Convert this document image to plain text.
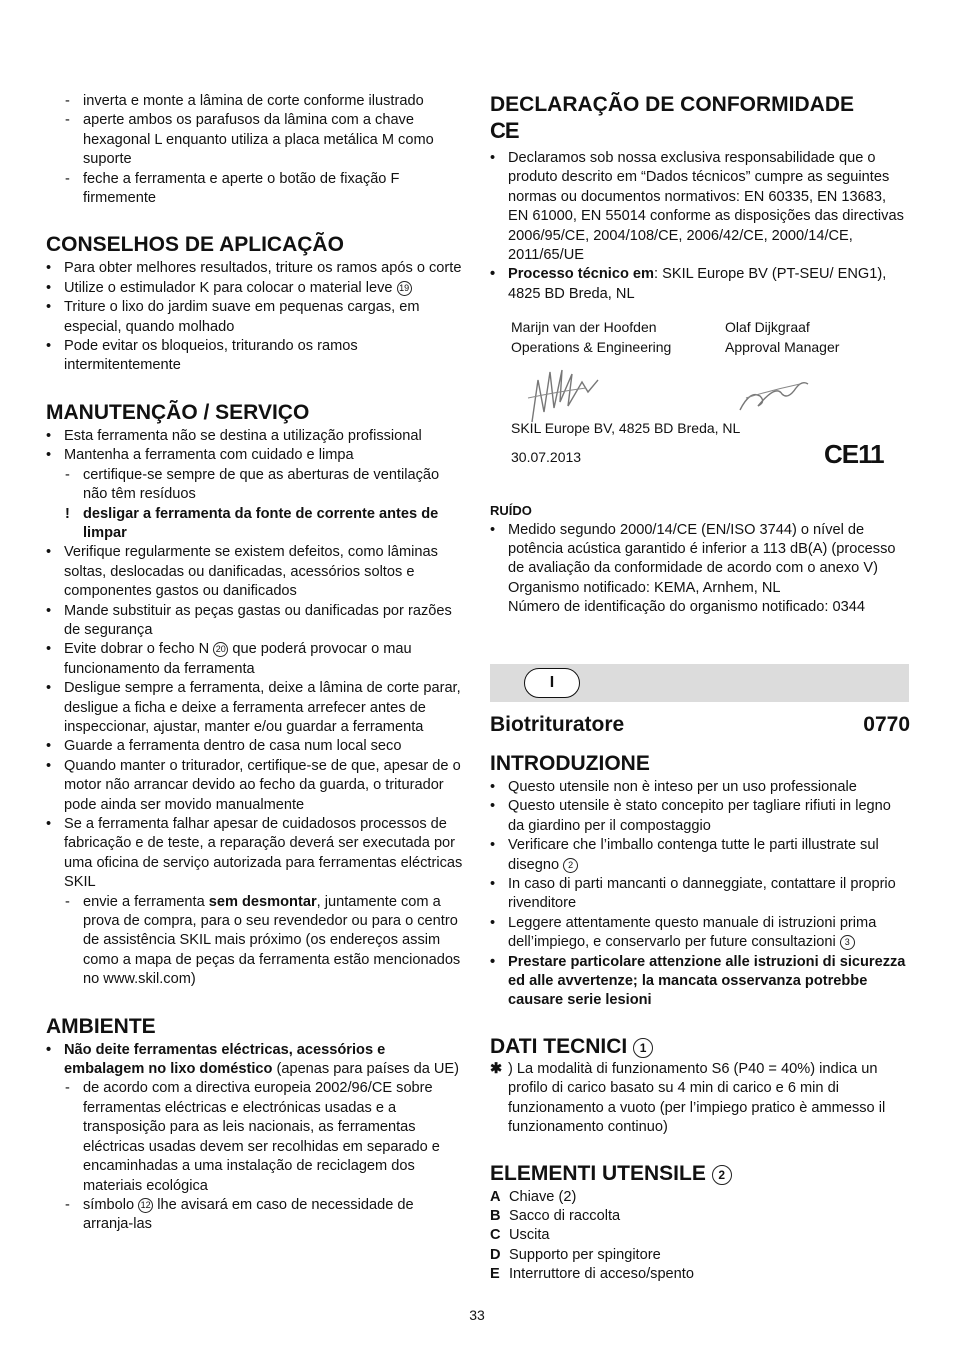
- inverta e monte a lâmina de corte conforme ilustrado
- aperte ambos os parafusos da lâmina com a chave hexagonal L enquanto utiliza a placa metálica M como suporte
- feche a ferramenta e aperte o botão de fixação F firmemente
CONSELHOS DE APLICAÇÃO
• Para obter melhores resultados, triture os ramos após o corte
• Utilize o estimulador K para colocar o material leve 19
• Triture o lixo do jardim suave em pequenas cargas, em especial, quando molhado
• Pode evitar os bloqueios, triturando os ramos intermitentemente
MANUTENÇÃO / SERVIÇO
• Esta ferramenta não se destina a utilização profissional
• Mantenha a ferramenta com cuidado e limpa
- certifique-se sempre de que as aberturas de ventilação não têm resíduos
! desligar a ferramenta da fonte de corrente antes de limpar
• Verifique regularmente se existem defeitos, como lâminas soltas, deslocadas ou danificadas, acessórios soltos e componentes gastos ou danificados
• Mande substituir as peças gastas ou danificadas por razões de segurança
• Evite dobrar o fecho N 20 que poderá provocar o mau funcionamento da ferramenta
• Desligue sempre a ferramenta, deixe a lâmina de corte parar, desligue a ficha e deixe a ferramenta arrefecer antes de inspeccionar, ajustar, manter e/ou guardar a ferramenta
• Guarde a ferramenta dentro de casa num local seco
• Quando manter o triturador, certifique-se de que, apesar de o motor não arrancar devido ao fecho da guarda, o triturador pode ainda ser movido manualmente
• Se a ferramenta falhar apesar de cuidadosos processos de fabricação e de teste, a reparação deverá ser executada por uma oficina de serviço autorizada para ferramentas eléctricas SKIL
- envie a ferramenta sem desmontar, juntamente com a prova de compra, para o seu revendedor ou para o centro de assistência SKIL mais próximo (os endereços assim como a mapa de peças da ferramenta estão mencionados no www.skil.com)
AMBIENTE
• Não deite ferramentas eléctricas, acessórios e embalagem no lixo doméstico (apenas para países da UE)
- de acordo com a directiva europeia 2002/96/CE sobre ferramentas eléctricas e electrónicas usadas e a transposição para as leis nacionais, as ferramentas eléctricas usadas devem ser recolhidas em separado e encaminhadas a uma instalação de reciclagem dos materiais ecológica
- símbolo 12 lhe avisará em caso de necessidade de arranja-las
DECLARAÇÃO DE CONFORMIDADE
CE
• Declaramos sob nossa exclusiva responsabilidade que o produto descrito em “Dados técnicos” cumpre as seguintes normas ou documentos normativos: EN 60335, EN 13683, EN 61000, EN 55014 conforme as disposições das directivas 2006/95/CE, 2004/108/CE, 2006/42/CE, 2000/14/CE, 2011/65/UE
• Processo técnico em: SKIL Europe BV (PT-SEU/ ENG1), 4825 BD Breda, NL
Marijn van der Hoofden
Operations & Engineering
Olaf Dijkgraaf
Approval Manager
SKIL Europe BV, 4825 BD Breda, NL
30.07.2013	CE11
RUÍDO
• Medido segundo 2000/14/CE (EN/ISO 3744) o nível de potência acústica garantido é inferior a 113 dB(A) (processo de avaliação da conformidade de acordo com o anexo V)
Organismo notificado: KEMA, Arnhem, NL
Número de identificação do organismo notificado: 0344
I
Biotrituratore	0770
INTRODUZIONE
• Questo utensile non è inteso per un uso professionale
• Questo utensile è stato concepito per tagliare rifiuti in legno da giardino per il compostaggio
• Verificare che l’imballo contenga tutte le parti illustrate sul disegno 2
• In caso di parti mancanti o danneggiate, contattare il proprio rivenditore
• Leggere attentamente questo manuale di istruzioni prima dell’impiego, e conservarlo per future consultazioni 3
• Prestare particolare attenzione alle istruzioni di sicurezza ed alle avvertenze; la mancata osservanza potrebbe causare serie lesioni
DATI TECNICI 1
✱ ) La modalità di funzionamento S6 (P40 = 40%) indica un profilo di carico basato su 4 min di carico e 6 min di funzionamento a vuoto (per l’impiego pratico è ammesso il funzionamento continuo)
ELEMENTI UTENSILE 2
A Chiave (2)
B Sacco di raccolta
C Uscita
D Supporto per spingitore
E Interruttore di acceso/spento
33
